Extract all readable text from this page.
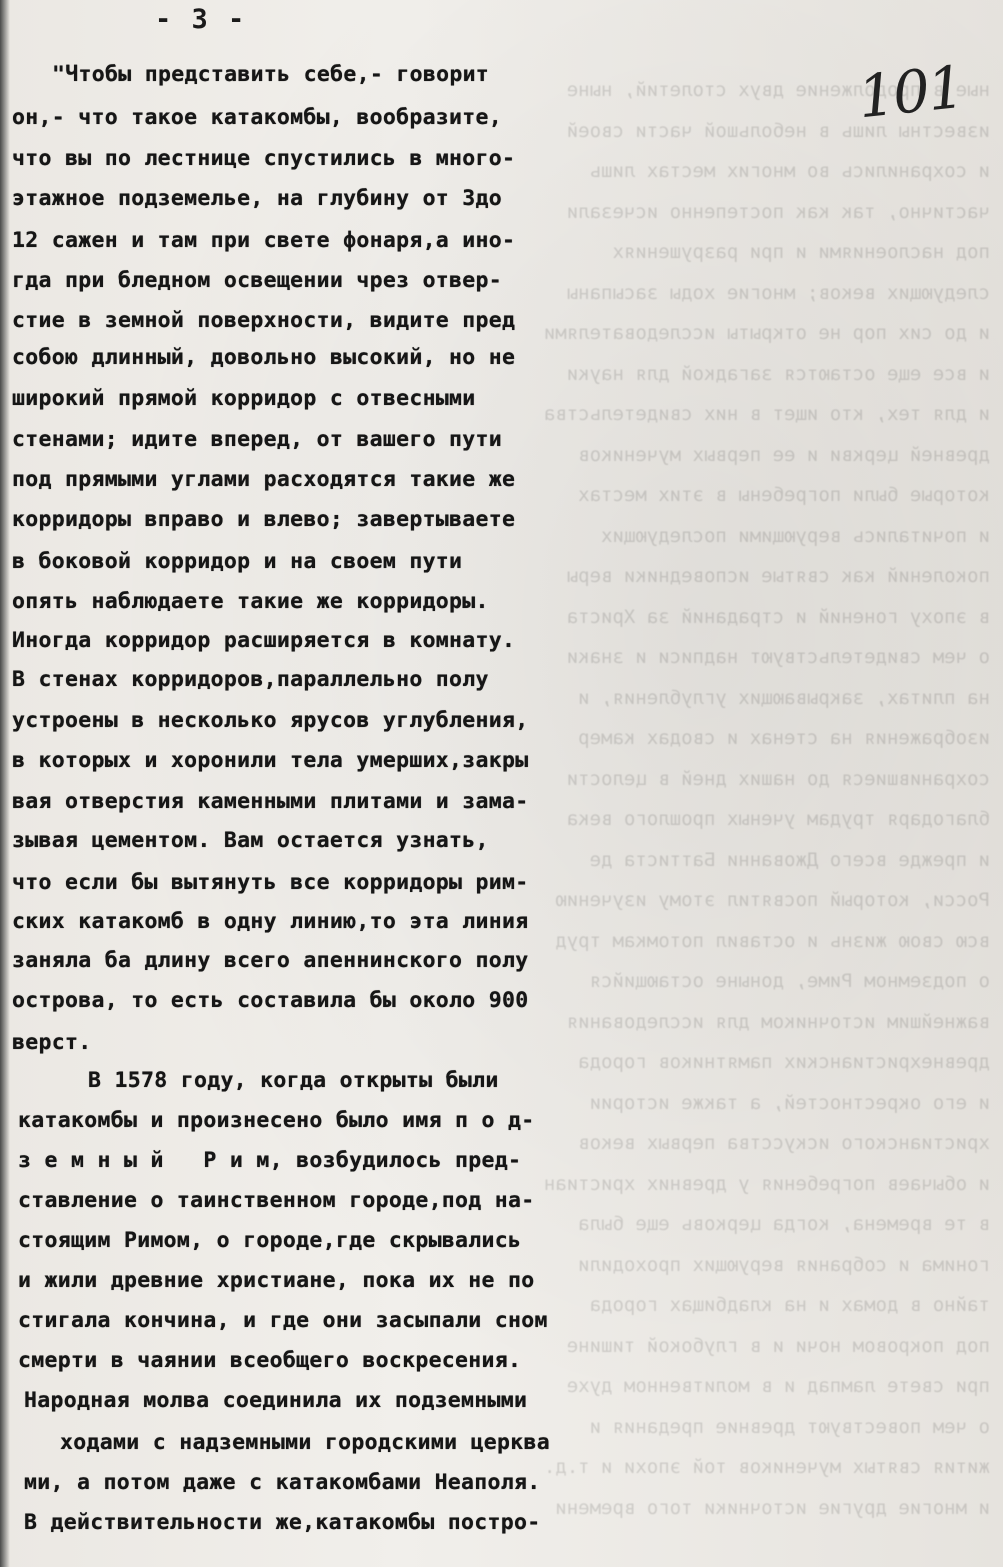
ные в продолжение двух столетий, ныне
известны лишь в небольшой части своей
и сохранились во многих местах лишь
частично, так как постепенно исчезали
под наслоениями и при разрушениях
следующих веков; многие ходы засыпаны
и до сих пор не открыты исследователями
и все еще остаются загадкой для науки
и для тех, кто ищет в них свидетельства
древней церкви и ее первых мучеников
которые были погребены в этих местах
и почитались верующими последующих
поколений как святые исповедники веры
в эпоху гонений и страданий за Христа
о чем свидетельствуют надписи и знаки
на плитах, закрывающих углубления, и
изображения на стенах и сводах камер
сохранившиеся до наших дней в целости
благодаря трудам ученых прошлого века
и прежде всего Джованни Баттиста де
Росси, который посвятил этому изучению
всю свою жизнь и оставил потомкам труд
о подземном Риме, доныне остающийся
важнейшим источником для исследования
древнехристианских памятников города
и его окрестностей, а также истории
христианского искусства первых веков
и обычаев погребения у древних христиан
в те времена, когда церковь еще была
гонима и собрания верующих проходили
тайно в домах и на кладбищах города
под покровом ночи и в глубокой тишине
при свете лампад и в молитвенном духе
о чем повествуют древние предания и
жития святых мучеников той эпохи и т.д.
и многие другие источники того времени
- 3 -
101
"Чтобы представить себе,- говорит
он,- что такое катакомбы, вообразите,
что вы по лестнице спустились в много-
этажное подземелье, на глубину от 3до
12 сажен и там при свете фонаря,а ино-
гда при бледном освещении чрез отвер-
стие в земной поверхности, видите пред
собою длинный, довольно высокий, но не
широкий прямой корридор с отвесными
стенами; идите вперед, от вашего пути
под прямыми углами расходятся такие же
корридоры вправо и влево; завертываете
в боковой корридор и на своем пути
опять наблюдаете такие же корридоры.
Иногда корридор расширяется в комнату.
В стенах корридоров,параллельно полу
устроены в несколько ярусов углубления,
в которых и хоронили тела умерших,закры
вая отверстия каменными плитами и зама-
зывая цементом. Вам остается узнать,
что если бы вытянуть все корридоры рим-
ских катакомб в одну линию,то эта линия
заняла ба длину всего апеннинского полу
острова, то есть составила бы около 900
верст.
В 1578 году, когда открыты были
катакомбы и произнесено было имя п о д-
з е м н ы й   Р и м, возбудилось пред-
ставление о таинственном городе,под на-
стоящим Римом, о городе,где скрывались
и жили древние христиане, пока их не по
стигала кончина, и где они засыпали сном
смерти в чаянии всеобщего воскресения.
Народная молва соединила их подземными
ходами с надземными городскими церква
ми, а потом даже с катакомбами Неаполя.
В действительности же,катакомбы постро-
